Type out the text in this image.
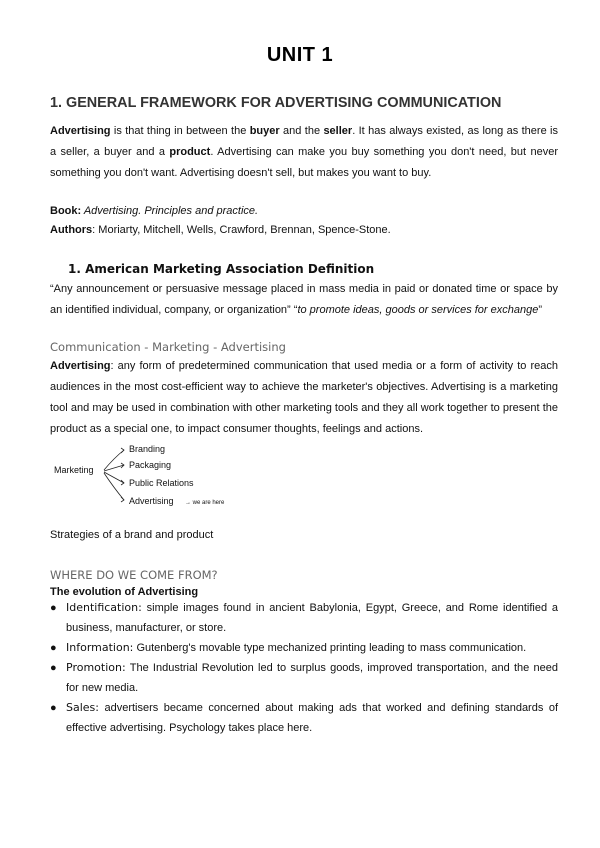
UNIT 1
1. GENERAL FRAMEWORK FOR ADVERTISING COMMUNICATION
Advertising is that thing in between the buyer and the seller. It has always existed, as long as there is a seller, a buyer and a product. Advertising can make you buy something you don't need, but never something you don't want. Advertising doesn't sell, but makes you want to buy.
Book: Advertising. Principles and practice.
Authors: Moriarty, Mitchell, Wells, Crawford, Brennan, Spence-Stone.
1. American Marketing Association Definition
“Any announcement or persuasive message placed in mass media in paid or donated time or space by an identified individual, company, or organization” “to promote ideas, goods or services for exchange”
Communication - Marketing - Advertising
Advertising: any form of predetermined communication that used media or a form of activity to reach audiences in the most cost-efficient way to achieve the marketer's objectives. Advertising is a marketing tool and may be used in combination with other marketing tools and they all work together to present the product as a special one, to impact consumer thoughts, feelings and actions.
Marketing
Branding
Packaging
Public Relations
Advertising → we are here
Strategies of a brand and product
WHERE DO WE COME FROM?
The evolution of Advertising
● Identification: simple images found in ancient Babylonia, Egypt, Greece, and Rome identified a business, manufacturer, or store.
● Information: Gutenberg's movable type mechanized printing leading to mass communication.
● Promotion: The Industrial Revolution led to surplus goods, improved transportation, and the need for new media.
● Sales: advertisers became concerned about making ads that worked and defining standards of effective advertising. Psychology takes place here.
